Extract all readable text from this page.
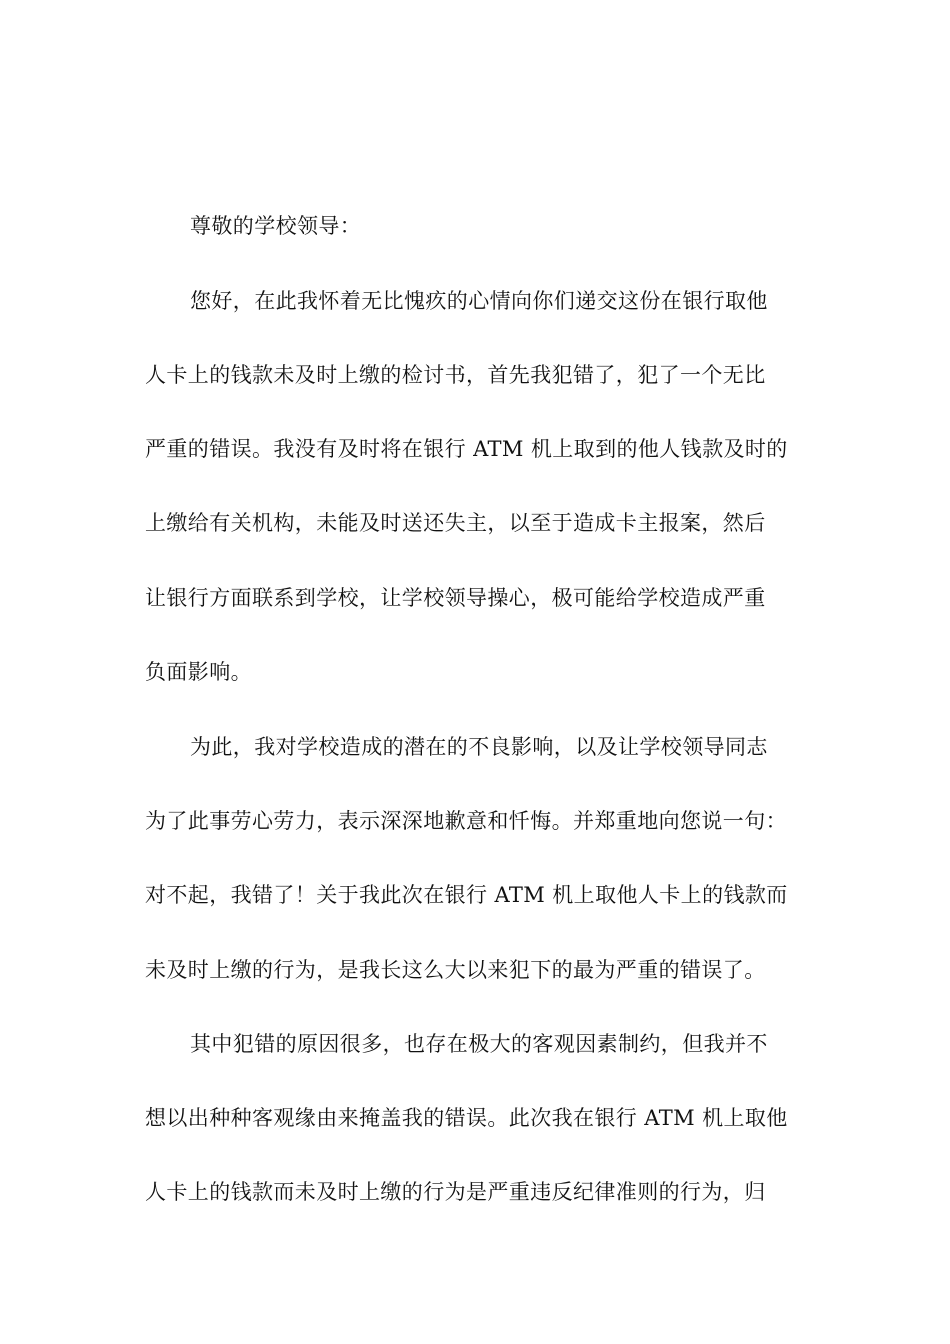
尊敬的学校领导：
您好，在此我怀着无比愧疚的心情向你们递交这份在银行取他
人卡上的钱款未及时上缴的检讨书，首先我犯错了，犯了一个无比
严重的错误。我没有及时将在银行 ATM 机上取到的他人钱款及时的
上缴给有关机构，未能及时送还失主，以至于造成卡主报案，然后
让银行方面联系到学校，让学校领导操心，极可能给学校造成严重
负面影响。
为此，我对学校造成的潜在的不良影响，以及让学校领导同志
为了此事劳心劳力，表示深深地歉意和忏悔。并郑重地向您说一句：
对不起，我错了！关于我此次在银行 ATM 机上取他人卡上的钱款而
未及时上缴的行为，是我长这么大以来犯下的最为严重的错误了。
其中犯错的原因很多，也存在极大的客观因素制约，但我并不
想以出种种客观缘由来掩盖我的错误。此次我在银行 ATM 机上取他
人卡上的钱款而未及时上缴的行为是严重违反纪律准则的行为，归
